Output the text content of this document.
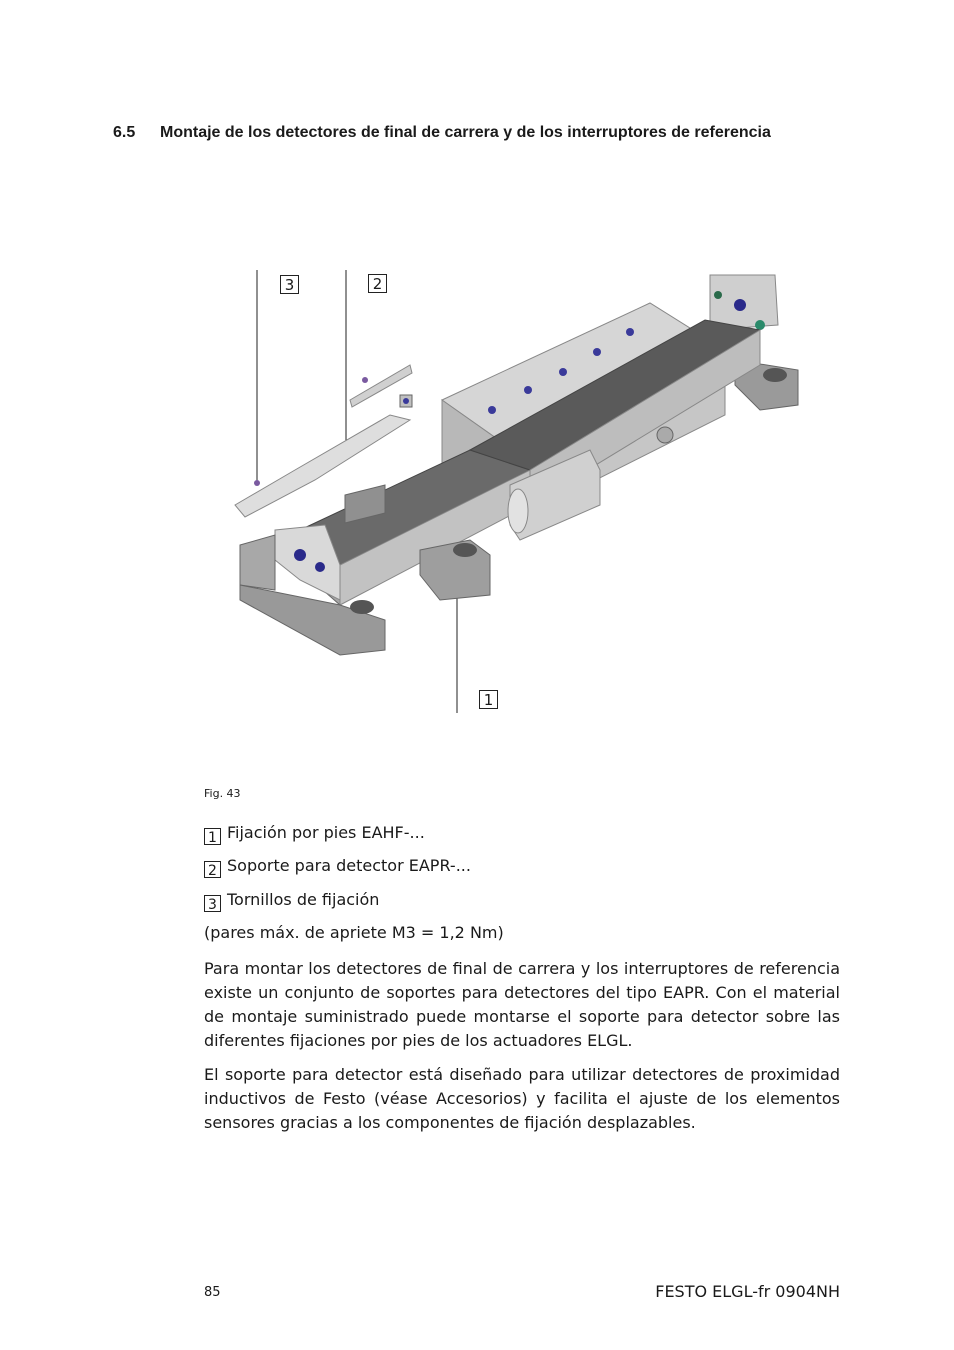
6.5 Montaje de los detectores de final de carrera y de los interruptores de referencia
3	2
1
Fig. 43
1 Fijación por pies EAHF-...
2 Soporte para detector EAPR-...
3 Tornillos de fijación
(pares máx. de apriete M3 = 1,2 Nm)

Para montar los detectores de final de carrera y los interruptores de referencia existe un conjunto de soportes para detectores del tipo EAPR. Con el material de montaje suministrado puede montarse el soporte para detector sobre las diferentes fijaciones por pies de los actuadores ELGL.

El soporte para detector está diseñado para utilizar detectores de proximidad inductivos de Festo (véase Accesorios) y facilita el ajuste de los elementos sensores gracias a los componentes de fijación desplazables.

85	FESTO ELGL-fr 0904NH
